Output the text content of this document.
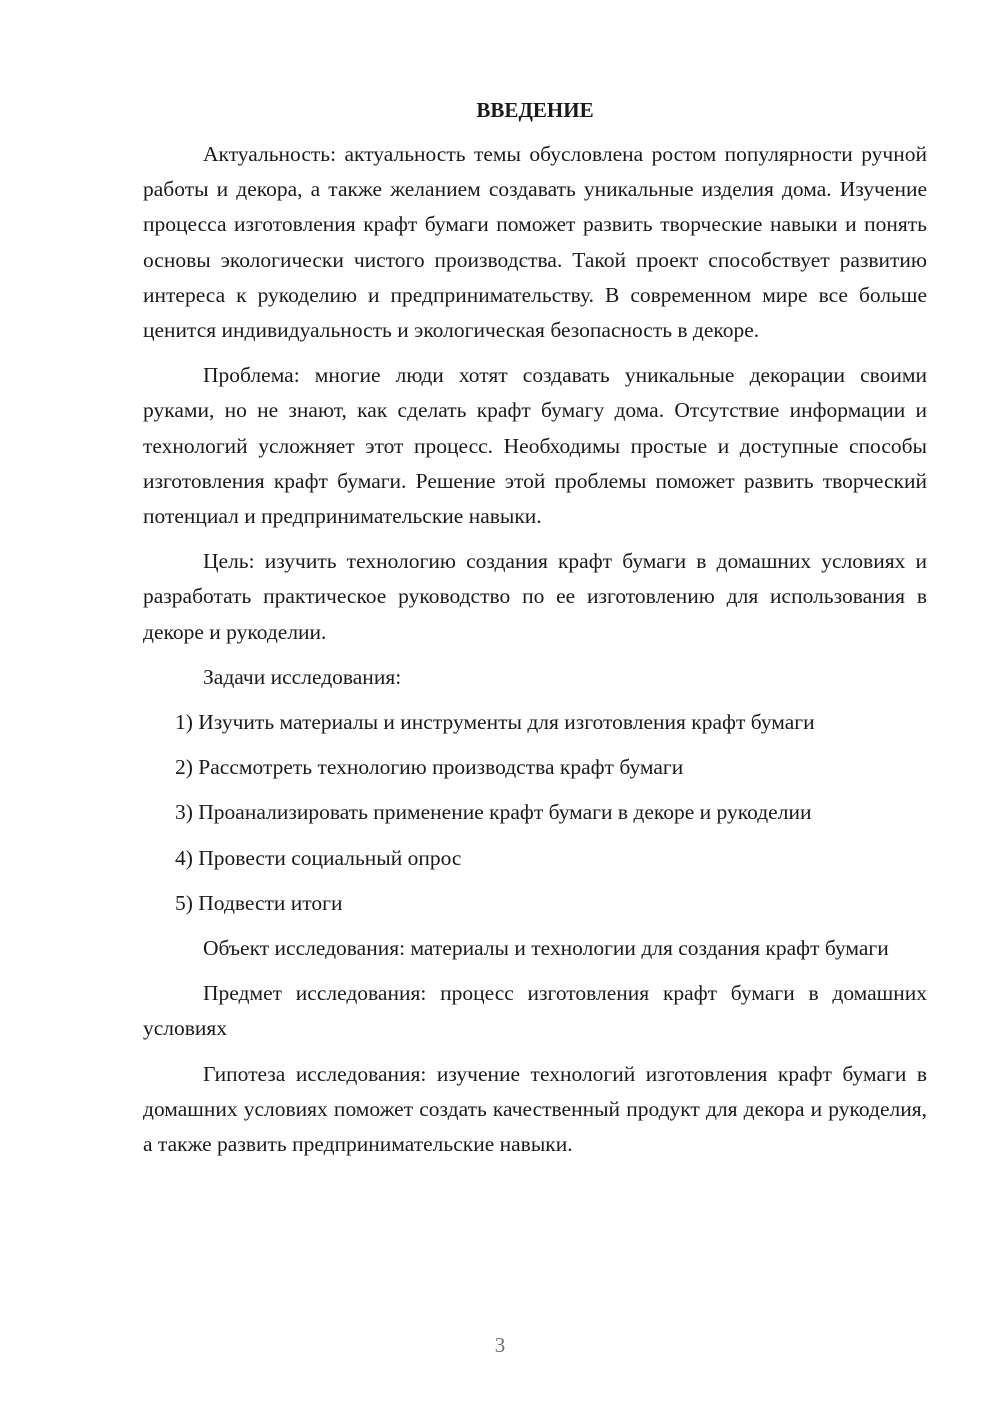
ВВЕДЕНИЕ

Актуальность: актуальность темы обусловлена ростом популярности ручной работы и декора, а также желанием создавать уникальные изделия дома. Изучение процесса изготовления крафт бумаги поможет развить творческие навыки и понять основы экологически чистого производства. Такой проект способствует развитию интереса к рукоделию и предпринимательству. В современном мире все больше ценится индивидуальность и экологическая безопасность в декоре.

Проблема: многие люди хотят создавать уникальные декорации своими руками, но не знают, как сделать крафт бумагу дома. Отсутствие информации и технологий усложняет этот процесс. Необходимы простые и доступные способы изготовления крафт бумаги. Решение этой проблемы поможет развить творческий потенциал и предпринимательские навыки.

Цель: изучить технологию создания крафт бумаги в домашних условиях и разработать практическое руководство по ее изготовлению для использования в декоре и рукоделии.

Задачи исследования:

1) Изучить материалы и инструменты для изготовления крафт бумаги

2) Рассмотреть технологию производства крафт бумаги

3) Проанализировать применение крафт бумаги в декоре и рукоделии

4) Провести социальный опрос

5) Подвести итоги

Объект исследования: материалы и технологии для создания крафт бумаги

Предмет исследования: процесс изготовления крафт бумаги в домашних условиях

Гипотеза исследования: изучение технологий изготовления крафт бумаги в домашних условиях поможет создать качественный продукт для декора и рукоделия, а также развить предпринимательские навыки.

3
